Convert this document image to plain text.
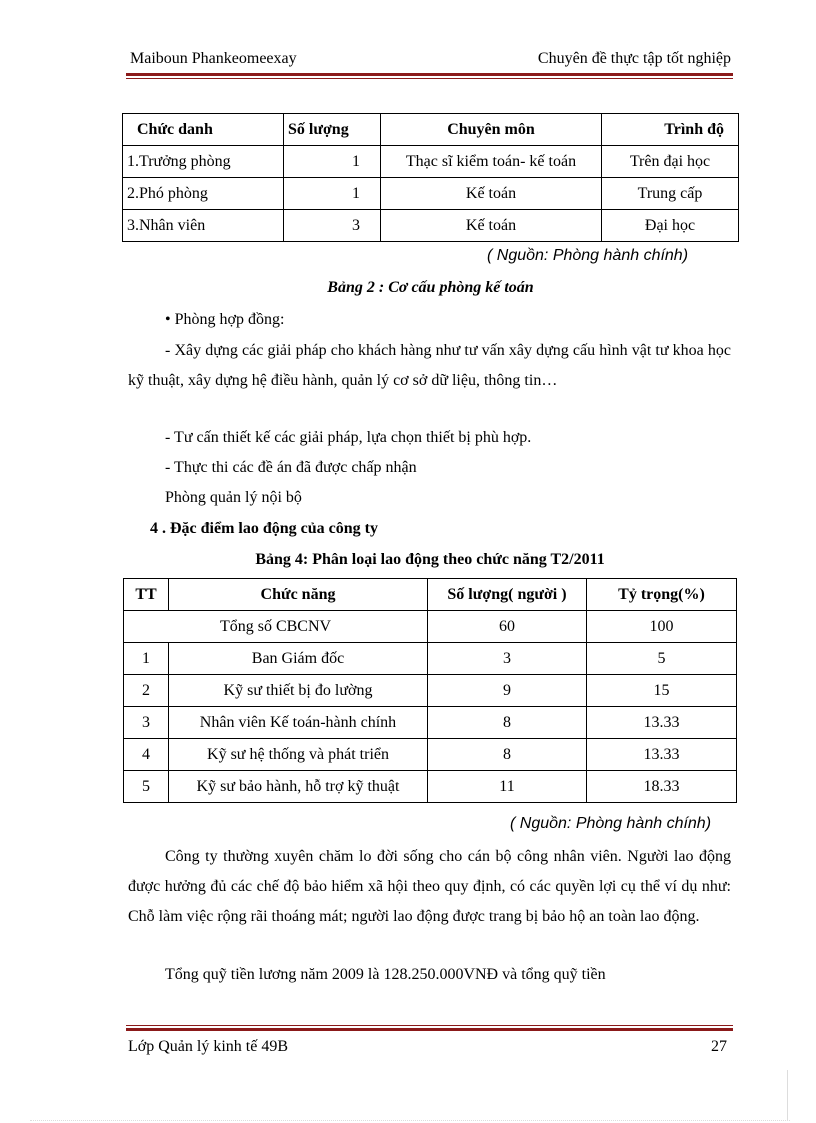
Maiboun Phankeomeexay	Chuyên đề thực tập tốt nghiệp
Chức danh	Số lượng	Chuyên môn	Trình độ
1.Trưởng phòng	1	Thạc sĩ kiểm toán- kế toán	Trên đại học
2.Phó phòng	1	Kế toán	Trung cấp
3.Nhân viên	3	Kế toán	Đại học
( Nguồn: Phòng hành chính)
Bảng 2 : Cơ cấu phòng kế toán
• Phòng hợp đồng:
- Xây dựng các giải pháp cho khách hàng như tư vấn xây dựng cấu hình vật tư khoa học kỹ thuật, xây dựng hệ điều hành, quản lý cơ sở dữ liệu, thông tin…
- Tư cấn thiết kế các giải pháp, lựa chọn thiết bị phù hợp.
- Thực thi các đề án đã được chấp nhận
Phòng quản lý nội bộ
4 . Đặc điểm lao động của công ty
Bảng 4: Phân loại lao động theo chức năng T2/2011
TT	Chức năng	Số lượng( người )	Tỷ trọng(%)
Tổng số CBCNV		60	100
1	Ban Giám đốc	3	5
2	Kỹ sư thiết bị đo lường	9	15
3	Nhân viên Kế toán-hành chính	8	13.33
4	Kỹ sư hệ thống và phát triển	8	13.33
5	Kỹ sư bảo hành, hỗ trợ kỹ thuật	11	18.33
( Nguồn: Phòng hành chính)
Công ty thường xuyên chăm lo đời sống cho cán bộ công nhân viên. Người lao động được hưởng đủ các chế độ bảo hiểm xã hội theo quy định, có các quyền lợi cụ thể ví dụ như: Chỗ làm việc rộng rãi thoáng mát; người lao động được trang bị bảo hộ an toàn lao động.
Tổng quỹ tiền lương năm 2009 là 128.250.000VNĐ và tổng quỹ tiền
Lớp Quản lý kinh tế 49B	27
